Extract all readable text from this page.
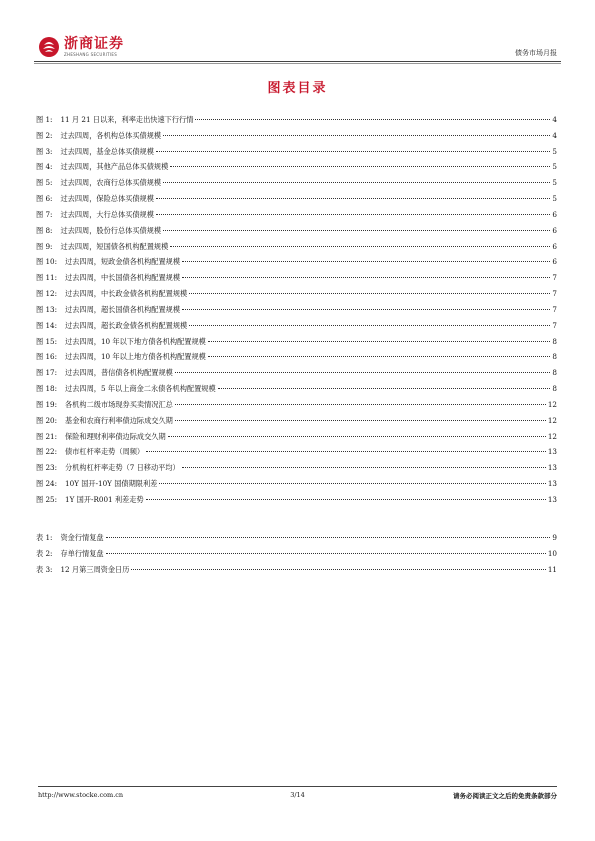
浙商证券
ZHESHANG SECURITIES	债务市场月报
图表目录
图 1: 11 月 21 日以来，利率走出快速下行行情	4
图 2: 过去四周，各机构总体买债规模	4
图 3: 过去四周，基金总体买债规模	5
图 4: 过去四周，其他产品总体买债规模	5
图 5: 过去四周，农商行总体买债规模	5
图 6: 过去四周，保险总体买债规模	5
图 7: 过去四周，大行总体买债规模	6
图 8: 过去四周，股份行总体买债规模	6
图 9: 过去四周，短国债各机构配置规模	6
图 10: 过去四周，短政金债各机构配置规模	6
图 11: 过去四周，中长国债各机构配置规模	7
图 12: 过去四周，中长政金债各机构配置规模	7
图 13: 过去四周，超长国债各机构配置规模	7
图 14: 过去四周，超长政金债各机构配置规模	7
图 15: 过去四周，10 年以下地方债各机构配置规模	8
图 16: 过去四周，10 年以上地方债各机构配置规模	8
图 17: 过去四周，普信债各机构配置规模	8
图 18: 过去四周，5 年以上商金二永债各机构配置规模	8
图 19: 各机构二级市场现券买卖情况汇总	12
图 20: 基金和农商行利率债边际成交久期	12
图 21: 保险和理财利率债边际成交久期	12
图 22: 债市杠杆率走势（周频）	13
图 23: 分机构杠杆率走势（7 日移动平均）	13
图 24: 10Y 国开-10Y 国债期限利差	13
图 25: 1Y 国开-R001 利差走势	13
表 1: 资金行情复盘	9
表 2: 存单行情复盘	10
表 3: 12 月第三周资金日历	11
http://www.stocke.com.cn	3/14	请务必阅读正文之后的免责条款部分
